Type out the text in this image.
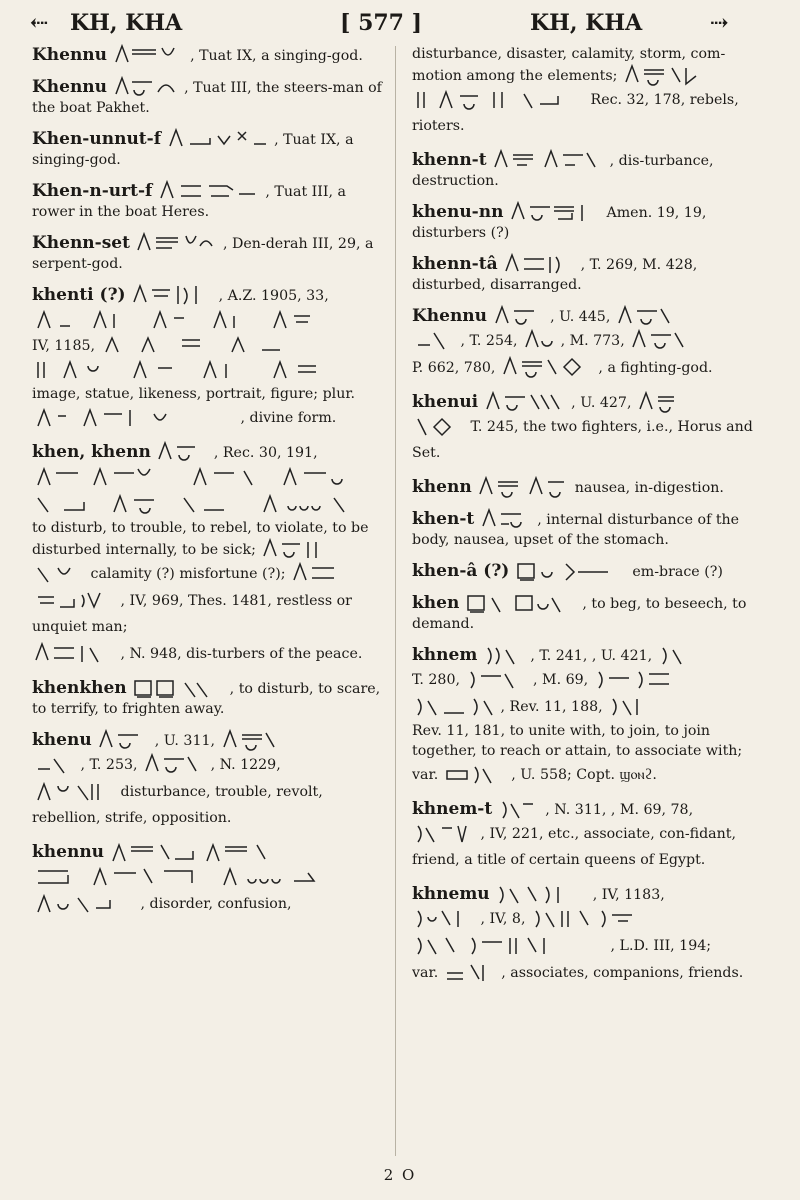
⇠ KH, KHA	[ 577 ]	KH, KHA	⇢
Khennu	, Tuat IX, a singing-god.
Khennu	, Tuat III, the steers-man of the boat Pakhet.
Khen-unnut-f	, Tuat IX, a singing-god.
Khen-n-urt-f	, Tuat III, a rower in the boat Heres.
Khenn-set	, Den-derah III, 29, a serpent-god.
khenti (?)	, A.Z. 1905, 33,
IV, 1185,
image, statue, likeness, portrait, figure; plur.
, divine form.
khen, khenn	, Rec. 30, 191,
to disturb, to trouble, to rebel, to violate, to be disturbed internally, to be sick;
calamity (?) misfortune (?);
, IV, 969, Thes. 1481, restless or unquiet man;
, N. 948, dis-turbers of the peace.
khenkhen	, to disturb, to scare, to terrify, to frighten away.
khenu	, U. 311,
, T. 253,	, N. 1229,
disturbance, trouble, revolt, rebellion, strife, opposition.
khennu
, disorder, confusion,
disturbance, disaster, calamity, storm, com-motion among the elements;
Rec. 32, 178, rebels, rioters.
khenn-t	, dis-turbance, destruction.
khenu-nn	Amen. 19, 19, disturbers (?)
khenn-tâ	, T. 269, M. 428, disturbed, disarranged.
Khennu	, U. 445,
, T. 254,	, M. 773,
P. 662, 780,	, a fighting-god.
khenui	, U. 427,
T. 245, the two fighters, i.e., Horus and Set.
khenn	nausea, in-digestion.
khen-t	, internal disturbance of the body, nausea, upset of the stomach.
khen-â (?)	em-brace (?)
khen	, to beg, to beseech, to demand.
khnem	, T. 241, , U. 421,
T. 280,	, M. 69,
, Rev. 11, 188,
Rev. 11, 181, to unite with, to join, to join together, to reach or attain, to associate with;
var.	, U. 558; Copt. ϣⲟⲛϩ.
khnem-t	, N. 311, , M. 69, 78,
, IV, 221, etc., associate, con-fidant, friend, a title of certain queens of Egypt.
khnemu	, IV, 1183,
, IV, 8,
, L.D. III, 194;
var.	, associates, companions, friends.
2 O
